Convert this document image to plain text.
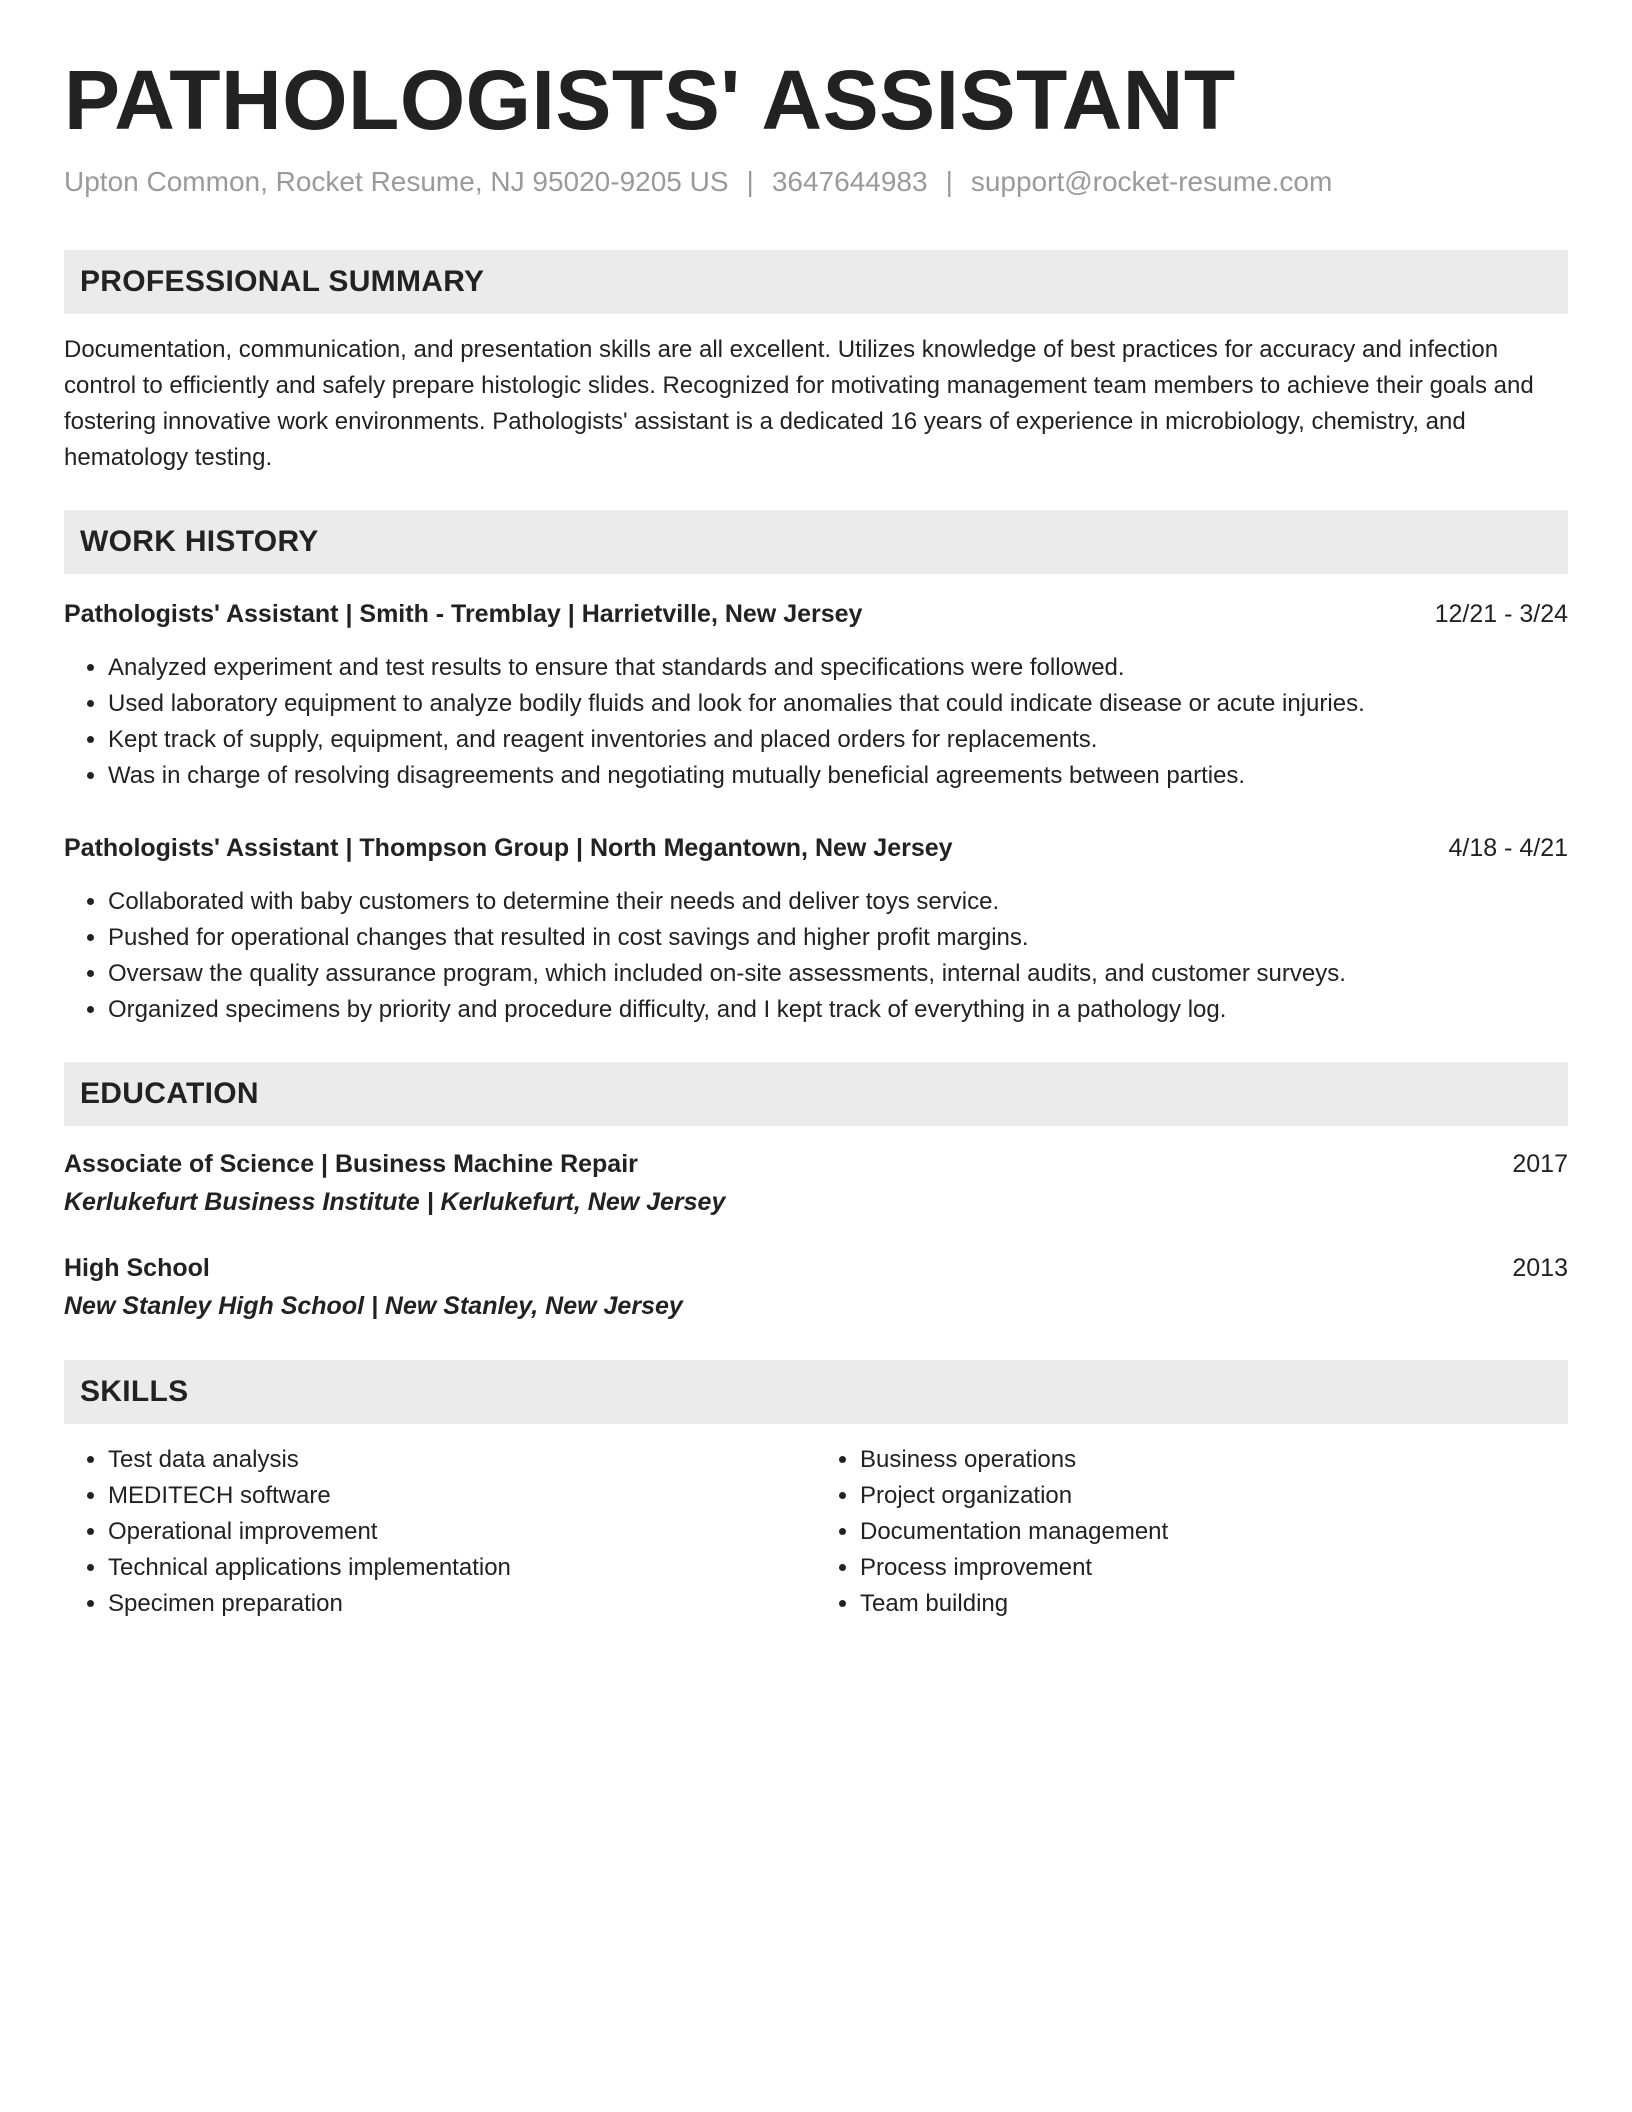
PATHOLOGISTS' ASSISTANT
Upton Common, Rocket Resume, NJ 95020-9205 US | 3647644983 | support@rocket-resume.com
PROFESSIONAL SUMMARY
Documentation, communication, and presentation skills are all excellent. Utilizes knowledge of best practices for accuracy and infection control to efficiently and safely prepare histologic slides. Recognized for motivating management team members to achieve their goals and fostering innovative work environments. Pathologists' assistant is a dedicated 16 years of experience in microbiology, chemistry, and hematology testing.
WORK HISTORY
Pathologists' Assistant | Smith - Tremblay | Harrietville, New Jersey	12/21 - 3/24
• Analyzed experiment and test results to ensure that standards and specifications were followed.
• Used laboratory equipment to analyze bodily fluids and look for anomalies that could indicate disease or acute injuries.
• Kept track of supply, equipment, and reagent inventories and placed orders for replacements.
• Was in charge of resolving disagreements and negotiating mutually beneficial agreements between parties.
Pathologists' Assistant | Thompson Group | North Megantown, New Jersey	4/18 - 4/21
• Collaborated with baby customers to determine their needs and deliver toys service.
• Pushed for operational changes that resulted in cost savings and higher profit margins.
• Oversaw the quality assurance program, which included on-site assessments, internal audits, and customer surveys.
• Organized specimens by priority and procedure difficulty, and I kept track of everything in a pathology log.
EDUCATION
Associate of Science | Business Machine Repair	2017
Kerlukefurt Business Institute | Kerlukefurt, New Jersey
High School	2013
New Stanley High School | New Stanley, New Jersey
SKILLS
• Test data analysis
• MEDITECH software
• Operational improvement
• Technical applications implementation
• Specimen preparation
• Business operations
• Project organization
• Documentation management
• Process improvement
• Team building
